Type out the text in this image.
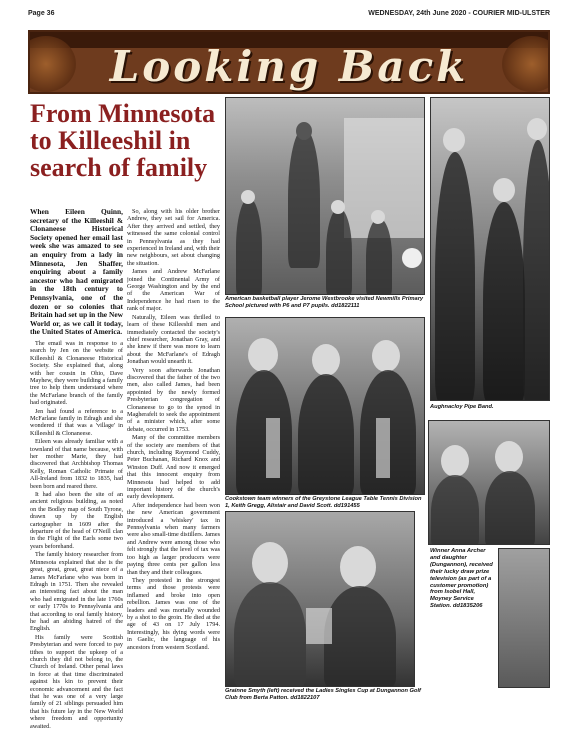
Page 36	WEDNESDAY, 24th June 2020 - COURIER MID-ULSTER
Looking Back
From Minnesota to Killeeshil in search of family

When Eileen Quinn, secretary of the Killeeshil & Clonaneese Historical Society opened her email last week she was amazed to see an enquiry from a lady in Minnesota, Jen Shaffer, enquiring about a family ancestor who had emigrated in the 18th century to Pennsylvania, one of the dozen or so colonies that Britain had set up in the New World or, as we call it today, the United States of America.

The email was in response to a search by Jen on the website of Killeeshil & Clonaneese Historical Society. She explained that, along with her cousin in Ohio, Dave Mayhew, they were building a family tree to help them understand where the McFarlane branch of the family had originated.

Jen had found a reference to a McFarlane family in Edragh and she wondered if that was a 'village' in Killeeshil & Clonaneese.

Eileen was already familiar with a townland of that name because, with her mother Marie, they had discovered that Archbishop Thomas Kelly, Roman Catholic Primate of All-Ireland from 1832 to 1835, had been born and reared there.

It had also been the site of an ancient religious building, as noted on the Bodley map of South Tyrone, drawn up by the English cartographer in 1609 after the departure of the head of O'Neill clan in the Flight of the Earls some two years beforehand.

The family history researcher from Minnesota explained that she is the great, great, great, great niece of a James McFarlane who was born in Edragh in 1751. Then she revealed an interesting fact about the man who had emigrated in the late 1760s or early 1770s to Pennsylvania and that according to oral family history, he had an abiding hatred of the English.

His family were Scottish Presbyterian and were forced to pay tithes to support the upkeep of a church they did not belong to, the Church of Ireland. Other penal laws in force at that time discriminated against his kin to prevent their economic advancement and the fact that he was one of a very large family of 21 siblings persuaded him that his future lay in the New World where freedom and opportunity awaited.

So, along with his older brother Andrew, they set sail for America. After they arrived and settled, they witnessed the same colonial control in Pennsylvania as they had experienced in Ireland and, with their new neighbours, set about changing the situation.

James and Andrew McFarlane joined the Continental Army of George Washington and by the end of the American War of Independence he had risen to the rank of major.

Naturally, Eileen was thrilled to learn of these Killeeshil men and immediately contacted the society's chief researcher, Jonathan Gray, and she knew if there was more to learn about the McFarlane's of Edragh Jonathan would unearth it.

Very soon afterwards Jonathan discovered that the father of the two men, also called James, had been appointed by the newly formed Presbyterian congregation of Clonaneese to go to the synod in Magherafelt to seek the appointment of a minister which, after some debate, occurred in 1753.

Many of the committee members of the society are members of that church, including Raymond Cuddy, Peter Buchanan, Richard Knox and Winston Duff. And now it emerged that this innocent enquiry from Minnesota had helped to add important history of the church's early development.

After independence had been won the new American government introduced a 'whiskey' tax in Pennsylvania when many farmers were also small-time distillers. James and Andrew were among those who felt strongly that the level of tax was too high as larger producers were paying three cents per gallon less than they and their colleagues.

They protested in the strongest terms and those protests were inflamed and broke into open rebellion. James was one of the leaders and was mortally wounded by a shot to the groin. He died at the age of 43 on 17 July 1794. Interestingly, his dying words were in Gaelic, the language of his ancestors from western Scotland.

American basketball player Jerome Westbrooke visited Newmills Primary School pictured with P6 and P7 pupils. dd1822111
Cookstown team winners of the Greystone League Table Tennis Division 1, Keith Gregg, Alistair and David Scott. dd191455
Grainne Smyth (left) received the Ladies Singles Cup at Dungannon Golf Club from Berta Patton. dd1822107
Aughnacloy Pipe Band.
Winner Anna Archer and daughter (Dungannon), received their lucky draw prize television (as part of a customer promotion) from Isobel Hall, Moyney Service Station. dd1835206
